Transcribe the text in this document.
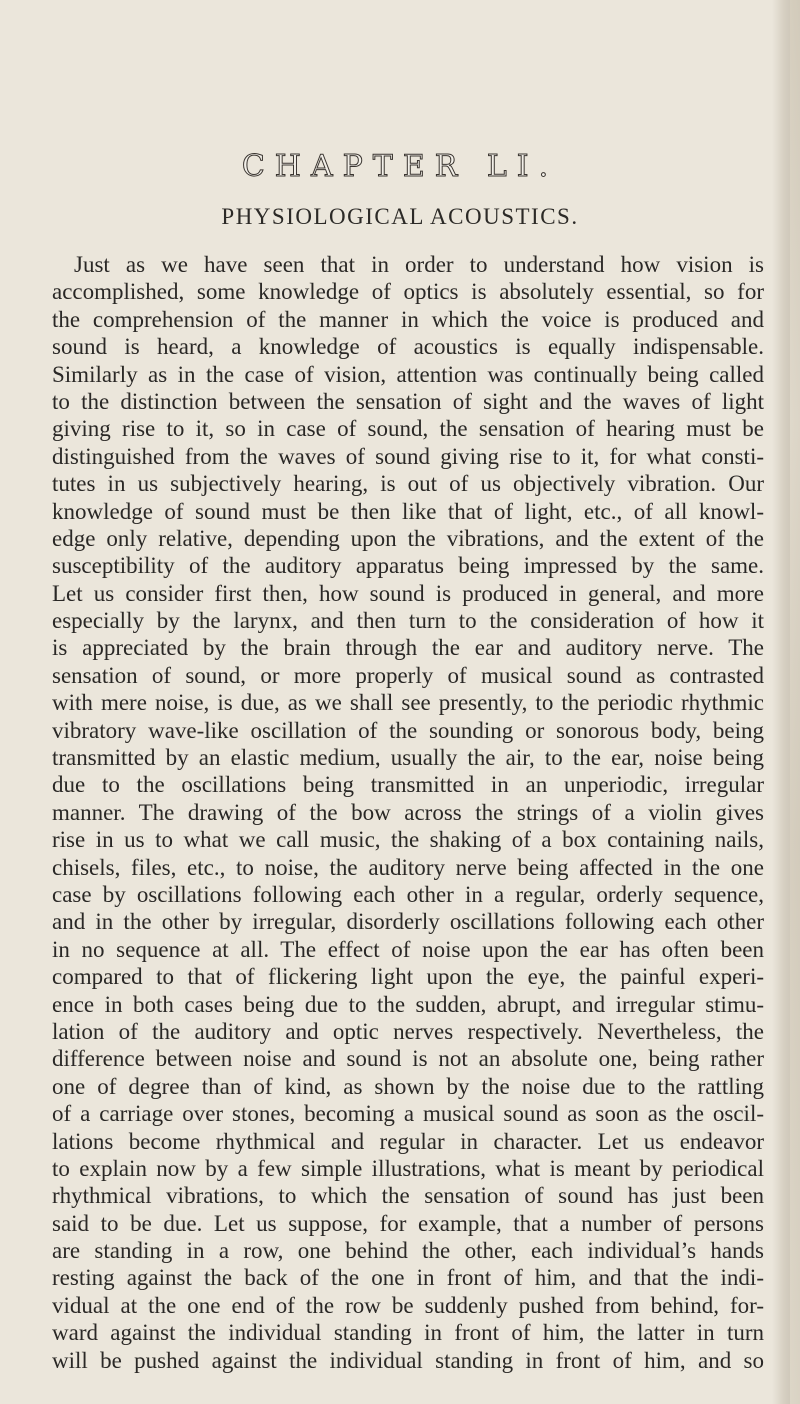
CHAPTER LI.
PHYSIOLOGICAL ACOUSTICS.
Just as we have seen that in order to understand how vision is
accomplished, some knowledge of optics is absolutely essential, so for
the comprehension of the manner in which the voice is produced and
sound is heard, a knowledge of acoustics is equally indispensable.
Similarly as in the case of vision, attention was continually being called
to the distinction between the sensation of sight and the waves of light
giving rise to it, so in case of sound, the sensation of hearing must be
distinguished from the waves of sound giving rise to it, for what consti-
tutes in us subjectively hearing, is out of us objectively vibration. Our
knowledge of sound must be then like that of light, etc., of all knowl-
edge only relative, depending upon the vibrations, and the extent of the
susceptibility of the auditory apparatus being impressed by the same.
Let us consider first then, how sound is produced in general, and more
especially by the larynx, and then turn to the consideration of how it
is appreciated by the brain through the ear and auditory nerve. The
sensation of sound, or more properly of musical sound as contrasted
with mere noise, is due, as we shall see presently, to the periodic rhythmic
vibratory wave-like oscillation of the sounding or sonorous body, being
transmitted by an elastic medium, usually the air, to the ear, noise being
due to the oscillations being transmitted in an unperiodic, irregular
manner. The drawing of the bow across the strings of a violin gives
rise in us to what we call music, the shaking of a box containing nails,
chisels, files, etc., to noise, the auditory nerve being affected in the one
case by oscillations following each other in a regular, orderly sequence,
and in the other by irregular, disorderly oscillations following each other
in no sequence at all. The effect of noise upon the ear has often been
compared to that of flickering light upon the eye, the painful experi-
ence in both cases being due to the sudden, abrupt, and irregular stimu-
lation of the auditory and optic nerves respectively. Nevertheless, the
difference between noise and sound is not an absolute one, being rather
one of degree than of kind, as shown by the noise due to the rattling
of a carriage over stones, becoming a musical sound as soon as the oscil-
lations become rhythmical and regular in character. Let us endeavor
to explain now by a few simple illustrations, what is meant by periodical
rhythmical vibrations, to which the sensation of sound has just been
said to be due. Let us suppose, for example, that a number of persons
are standing in a row, one behind the other, each individual’s hands
resting against the back of the one in front of him, and that the indi-
vidual at the one end of the row be suddenly pushed from behind, for-
ward against the individual standing in front of him, the latter in turn
will be pushed against the individual standing in front of him, and so
